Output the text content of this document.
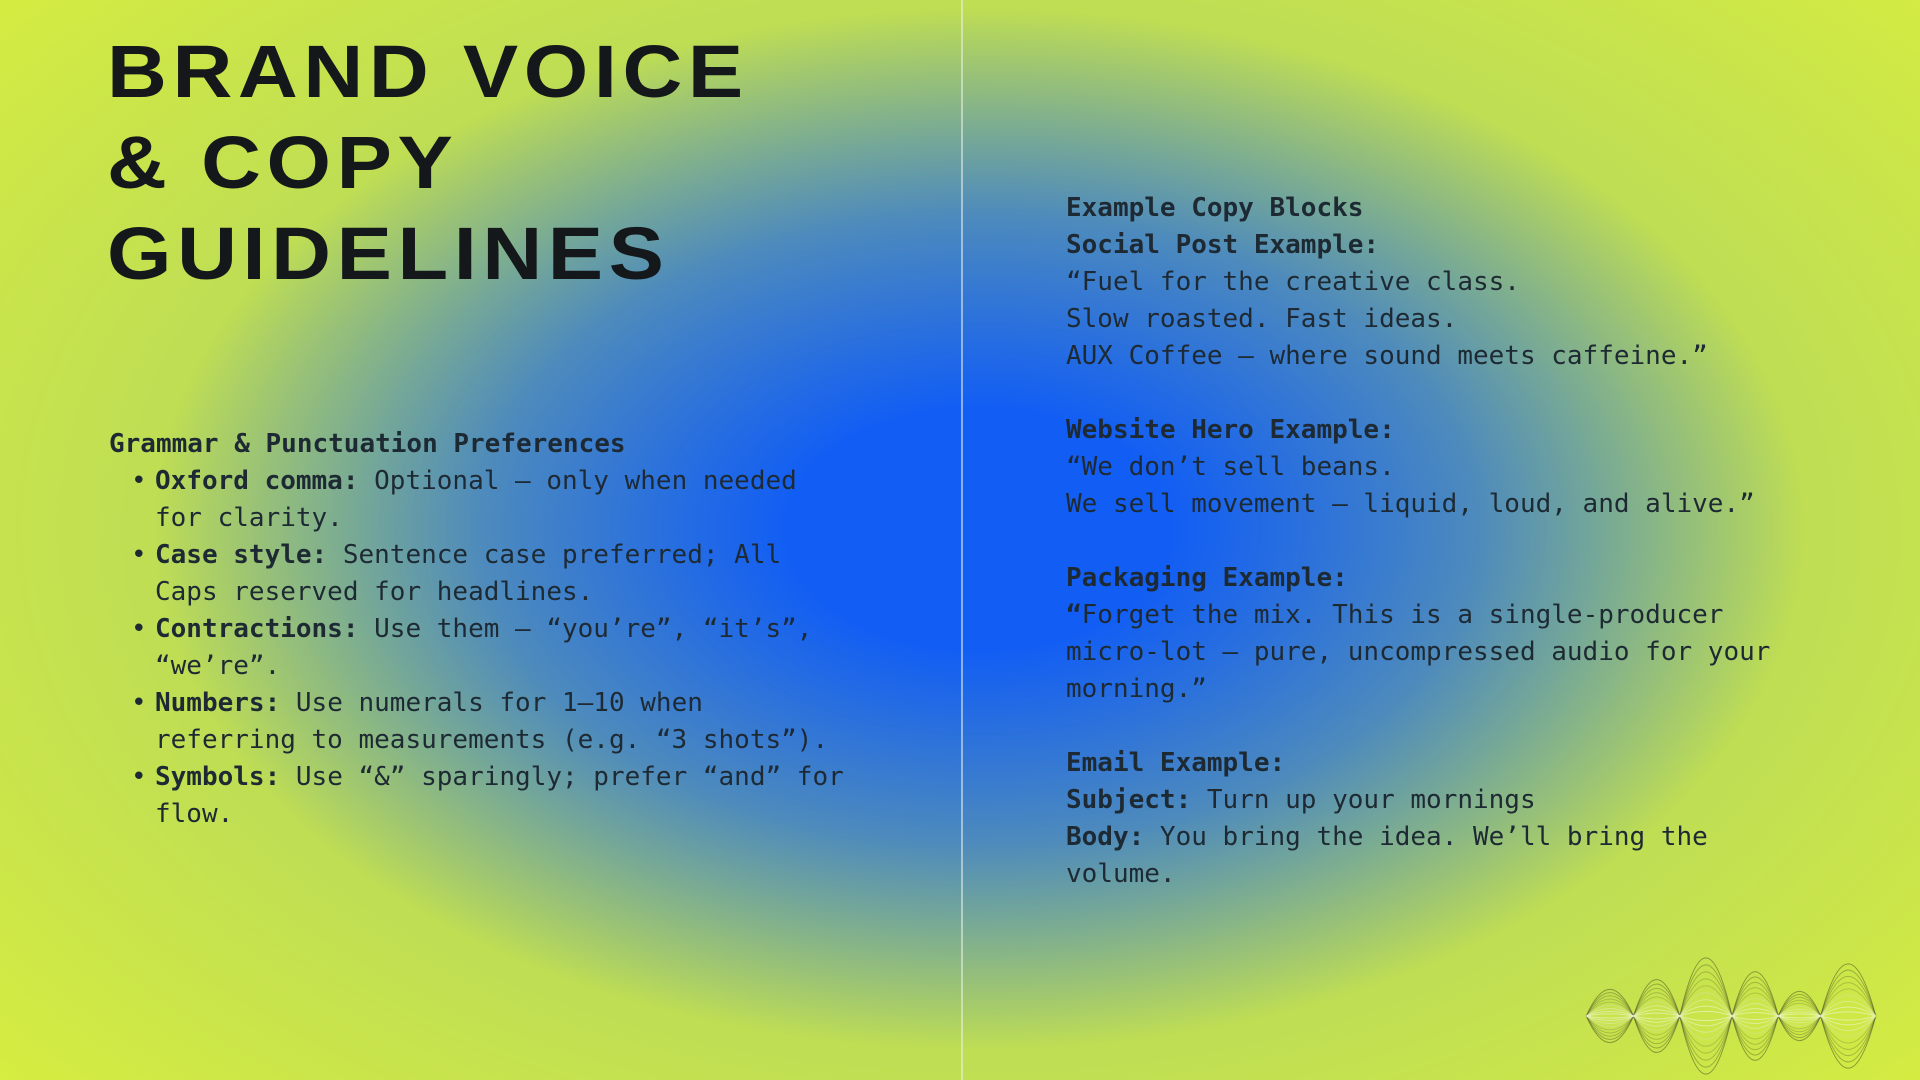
BRAND VOICE
& COPY
GUIDELINES
Grammar & Punctuation Preferences
• Oxford comma: Optional — only when needed for clarity.
• Case style: Sentence case preferred; All Caps reserved for headlines.
• Contractions: Use them — “you’re”, “it’s”, “we’re”.
• Numbers: Use numerals for 1–10 when referring to measurements (e.g. “3 shots”).
• Symbols: Use “&” sparingly; prefer “and” for flow.
Example Copy Blocks
Social Post Example:
“Fuel for the creative class.
Slow roasted. Fast ideas.
AUX Coffee — where sound meets caffeine.”
Website Hero Example:
“We don’t sell beans.
We sell movement — liquid, loud, and alive.”
Packaging Example:
“Forget the mix. This is a single-producer micro-lot — pure, uncompressed audio for your morning.”
Email Example:
Subject: Turn up your mornings
Body: You bring the idea. We’ll bring the volume.
